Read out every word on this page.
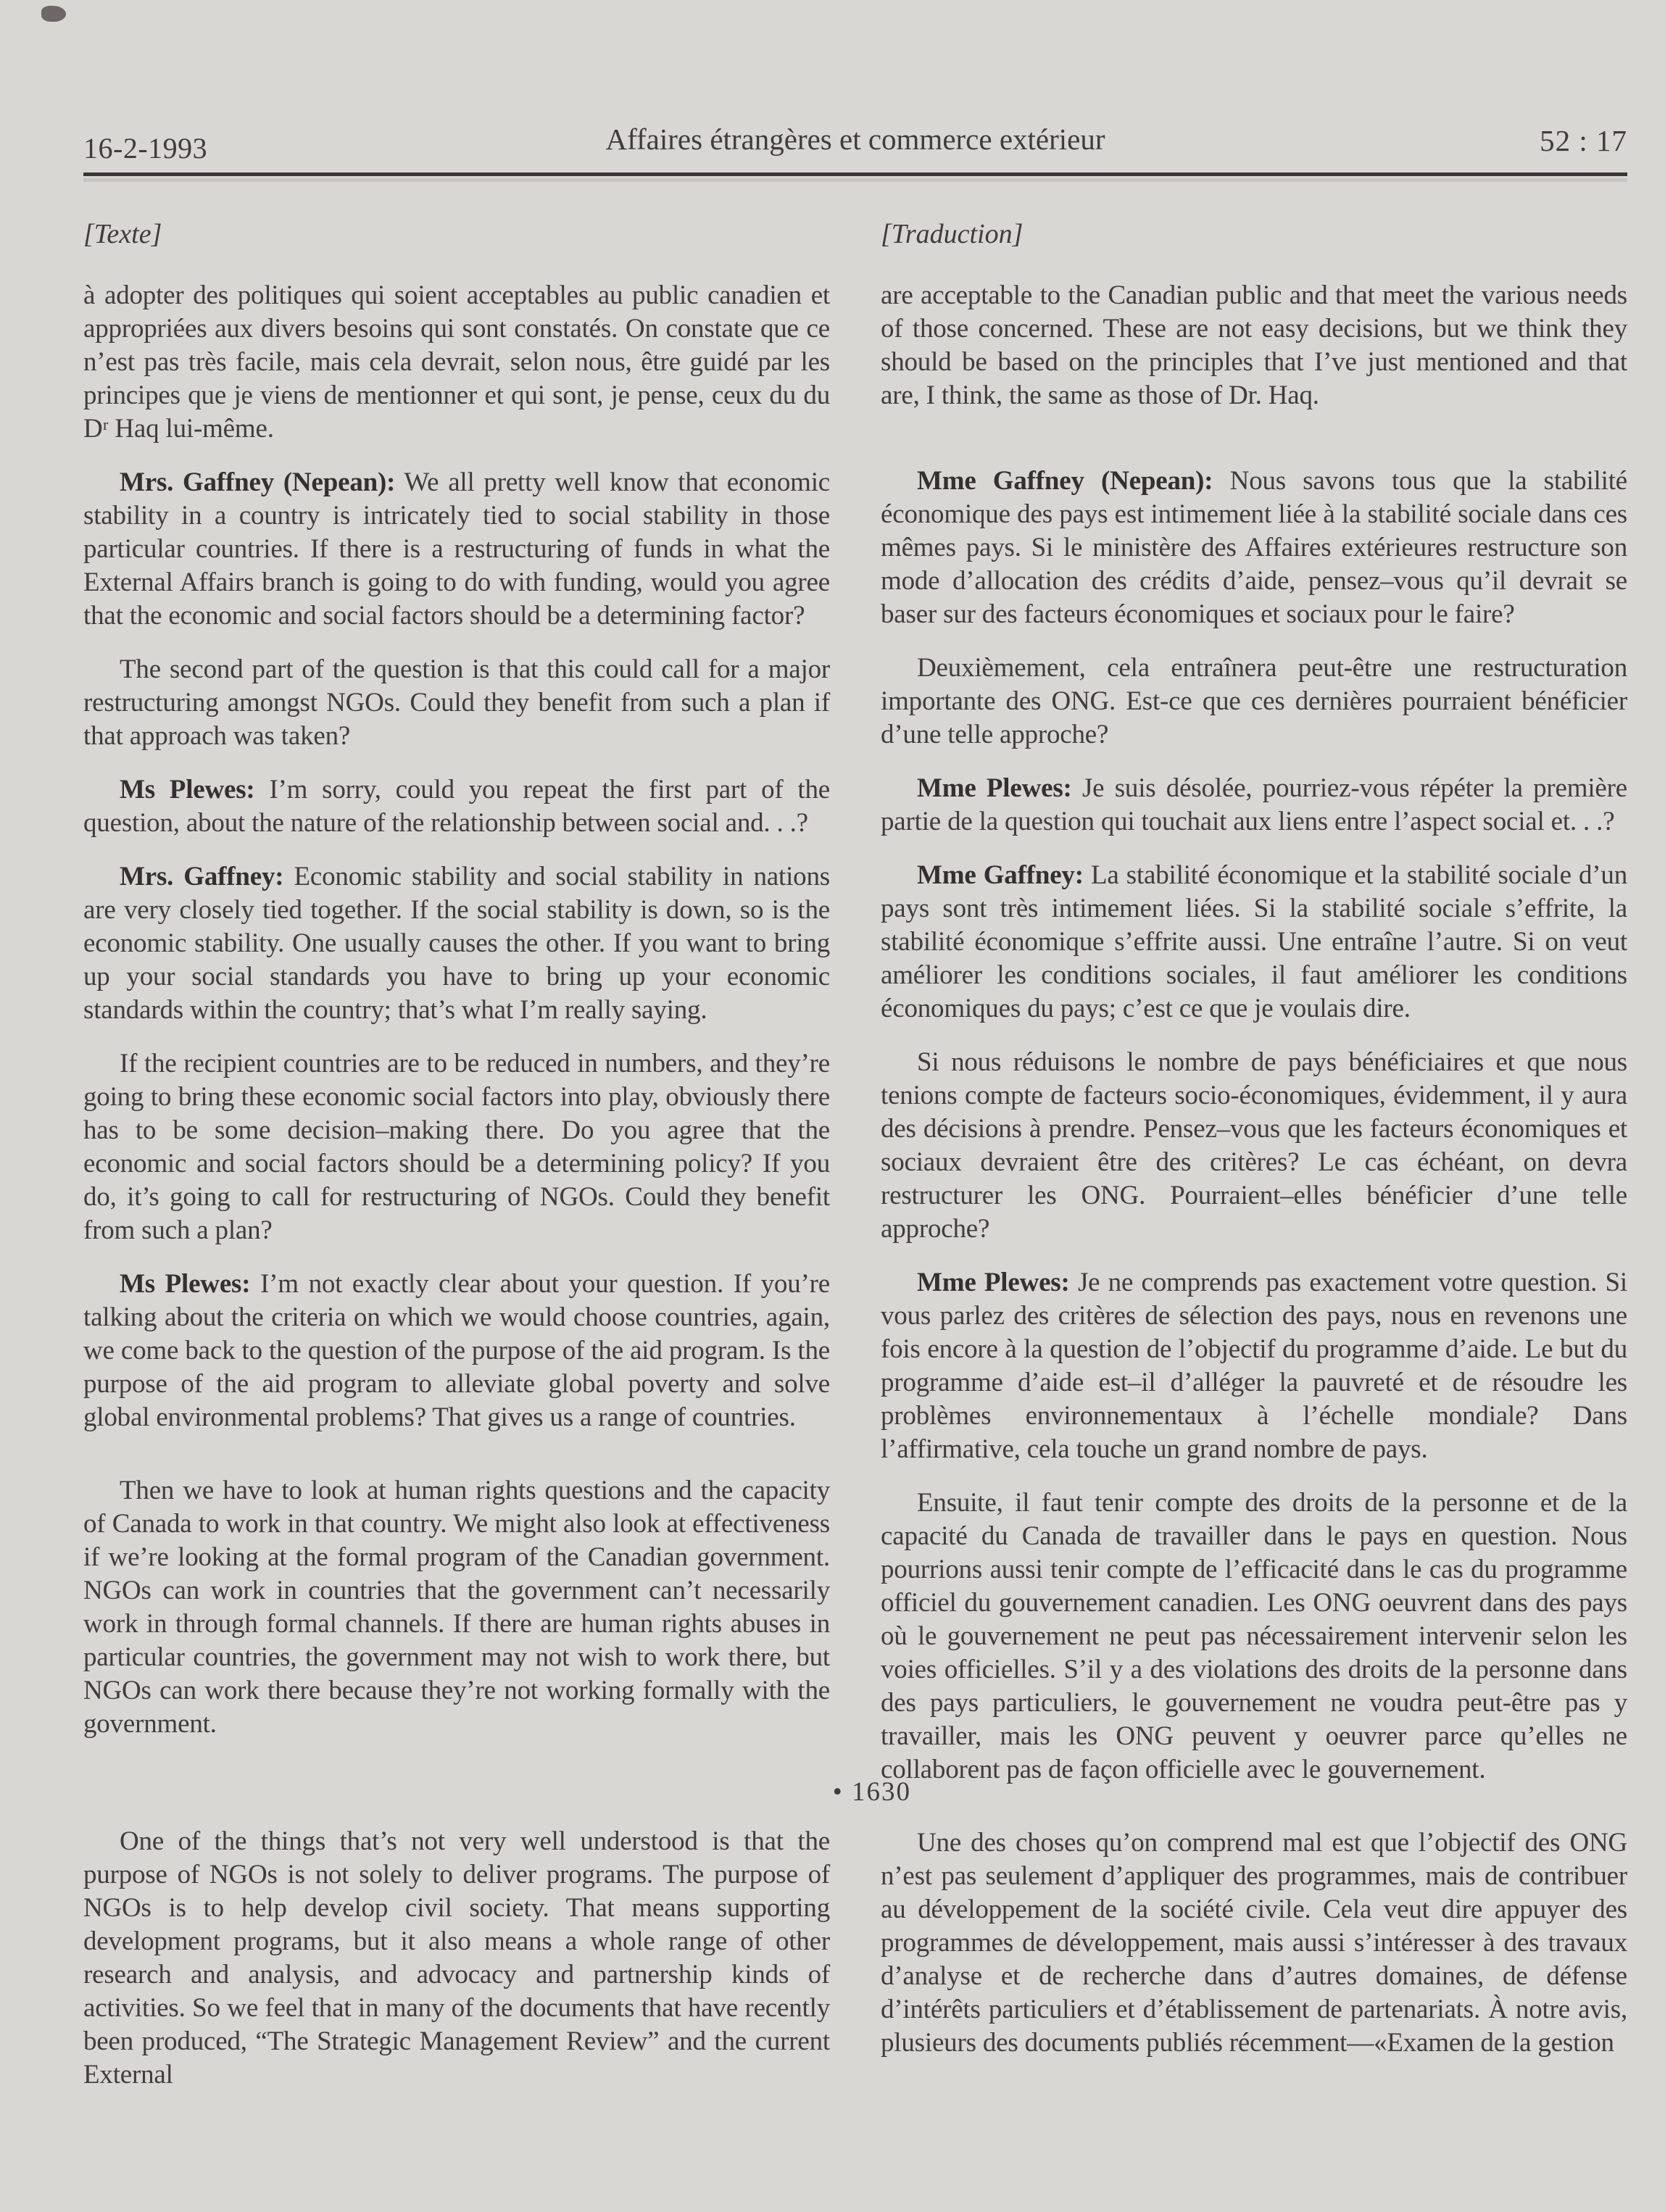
16-2-1993	Affaires étrangères et commerce extérieur	52 : 17
[Texte]	[Traduction]

à adopter des politiques qui soient acceptables au public canadien et appropriées aux divers besoins qui sont constatés. On constate que ce n’est pas très facile, mais cela devrait, selon nous, être guidé par les principes que je viens de mentionner et qui sont, je pense, ceux du du Dʳ Haq lui-même.

Mrs. Gaffney (Nepean): We all pretty well know that economic stability in a country is intricately tied to social stability in those particular countries. If there is a restructuring of funds in what the External Affairs branch is going to do with funding, would you agree that the economic and social factors should be a determining factor?

The second part of the question is that this could call for a major restructuring amongst NGOs. Could they benefit from such a plan if that approach was taken?

Ms Plewes: I’m sorry, could you repeat the first part of the question, about the nature of the relationship between social and. . .?

Mrs. Gaffney: Economic stability and social stability in nations are very closely tied together. If the social stability is down, so is the economic stability. One usually causes the other. If you want to bring up your social standards you have to bring up your economic standards within the country; that’s what I’m really saying.

If the recipient countries are to be reduced in numbers, and they’re going to bring these economic social factors into play, obviously there has to be some decision–making there. Do you agree that the economic and social factors should be a determining policy? If you do, it’s going to call for restructuring of NGOs. Could they benefit from such a plan?

Ms Plewes: I’m not exactly clear about your question. If you’re talking about the criteria on which we would choose countries, again, we come back to the question of the purpose of the aid program. Is the purpose of the aid program to alleviate global poverty and solve global environmental problems? That gives us a range of countries.

Then we have to look at human rights questions and the capacity of Canada to work in that country. We might also look at effectiveness if we’re looking at the formal program of the Canadian government. NGOs can work in countries that the government can’t necessarily work in through formal channels. If there are human rights abuses in particular countries, the government may not wish to work there, but NGOs can work there because they’re not working formally with the government.

• 1630

One of the things that’s not very well understood is that the purpose of NGOs is not solely to deliver programs. The purpose of NGOs is to help develop civil society. That means supporting development programs, but it also means a whole range of other research and analysis, and advocacy and partnership kinds of activities. So we feel that in many of the documents that have recently been produced, “The Strategic Management Review” and the current External

are acceptable to the Canadian public and that meet the various needs of those concerned. These are not easy decisions, but we think they should be based on the principles that I’ve just mentioned and that are, I think, the same as those of Dr. Haq.

Mme Gaffney (Nepean): Nous savons tous que la stabilité économique des pays est intimement liée à la stabilité sociale dans ces mêmes pays. Si le ministère des Affaires extérieures restructure son mode d’allocation des crédits d’aide, pensez–vous qu’il devrait se baser sur des facteurs économiques et sociaux pour le faire?

Deuxièmement, cela entraînera peut-être une restructuration importante des ONG. Est-ce que ces dernières pourraient bénéficier d’une telle approche?

Mme Plewes: Je suis désolée, pourriez-vous répéter la première partie de la question qui touchait aux liens entre l’aspect social et. . .?

Mme Gaffney: La stabilité économique et la stabilité sociale d’un pays sont très intimement liées. Si la stabilité sociale s’effrite, la stabilité économique s’effrite aussi. Une entraîne l’autre. Si on veut améliorer les conditions sociales, il faut améliorer les conditions économiques du pays; c’est ce que je voulais dire.

Si nous réduisons le nombre de pays bénéficiaires et que nous tenions compte de facteurs socio-économiques, évidemment, il y aura des décisions à prendre. Pensez–vous que les facteurs économiques et sociaux devraient être des critères? Le cas échéant, on devra restructurer les ONG. Pourraient–elles bénéficier d’une telle approche?

Mme Plewes: Je ne comprends pas exactement votre question. Si vous parlez des critères de sélection des pays, nous en revenons une fois encore à la question de l’objectif du programme d’aide. Le but du programme d’aide est–il d’alléger la pauvreté et de résoudre les problèmes environnementaux à l’échelle mondiale? Dans l’affirmative, cela touche un grand nombre de pays.

Ensuite, il faut tenir compte des droits de la personne et de la capacité du Canada de travailler dans le pays en question. Nous pourrions aussi tenir compte de l’efficacité dans le cas du programme officiel du gouvernement canadien. Les ONG oeuvrent dans des pays où le gouvernement ne peut pas nécessairement intervenir selon les voies officielles. S’il y a des violations des droits de la personne dans des pays particuliers, le gouvernement ne voudra peut-être pas y travailler, mais les ONG peuvent y oeuvrer parce qu’elles ne collaborent pas de façon officielle avec le gouvernement.

Une des choses qu’on comprend mal est que l’objectif des ONG n’est pas seulement d’appliquer des programmes, mais de contribuer au développement de la société civile. Cela veut dire appuyer des programmes de développement, mais aussi s’intéresser à des travaux d’analyse et de recherche dans d’autres domaines, de défense d’intérêts particuliers et d’établissement de partenariats. À notre avis, plusieurs des documents publiés récemment—«Examen de la gestion
